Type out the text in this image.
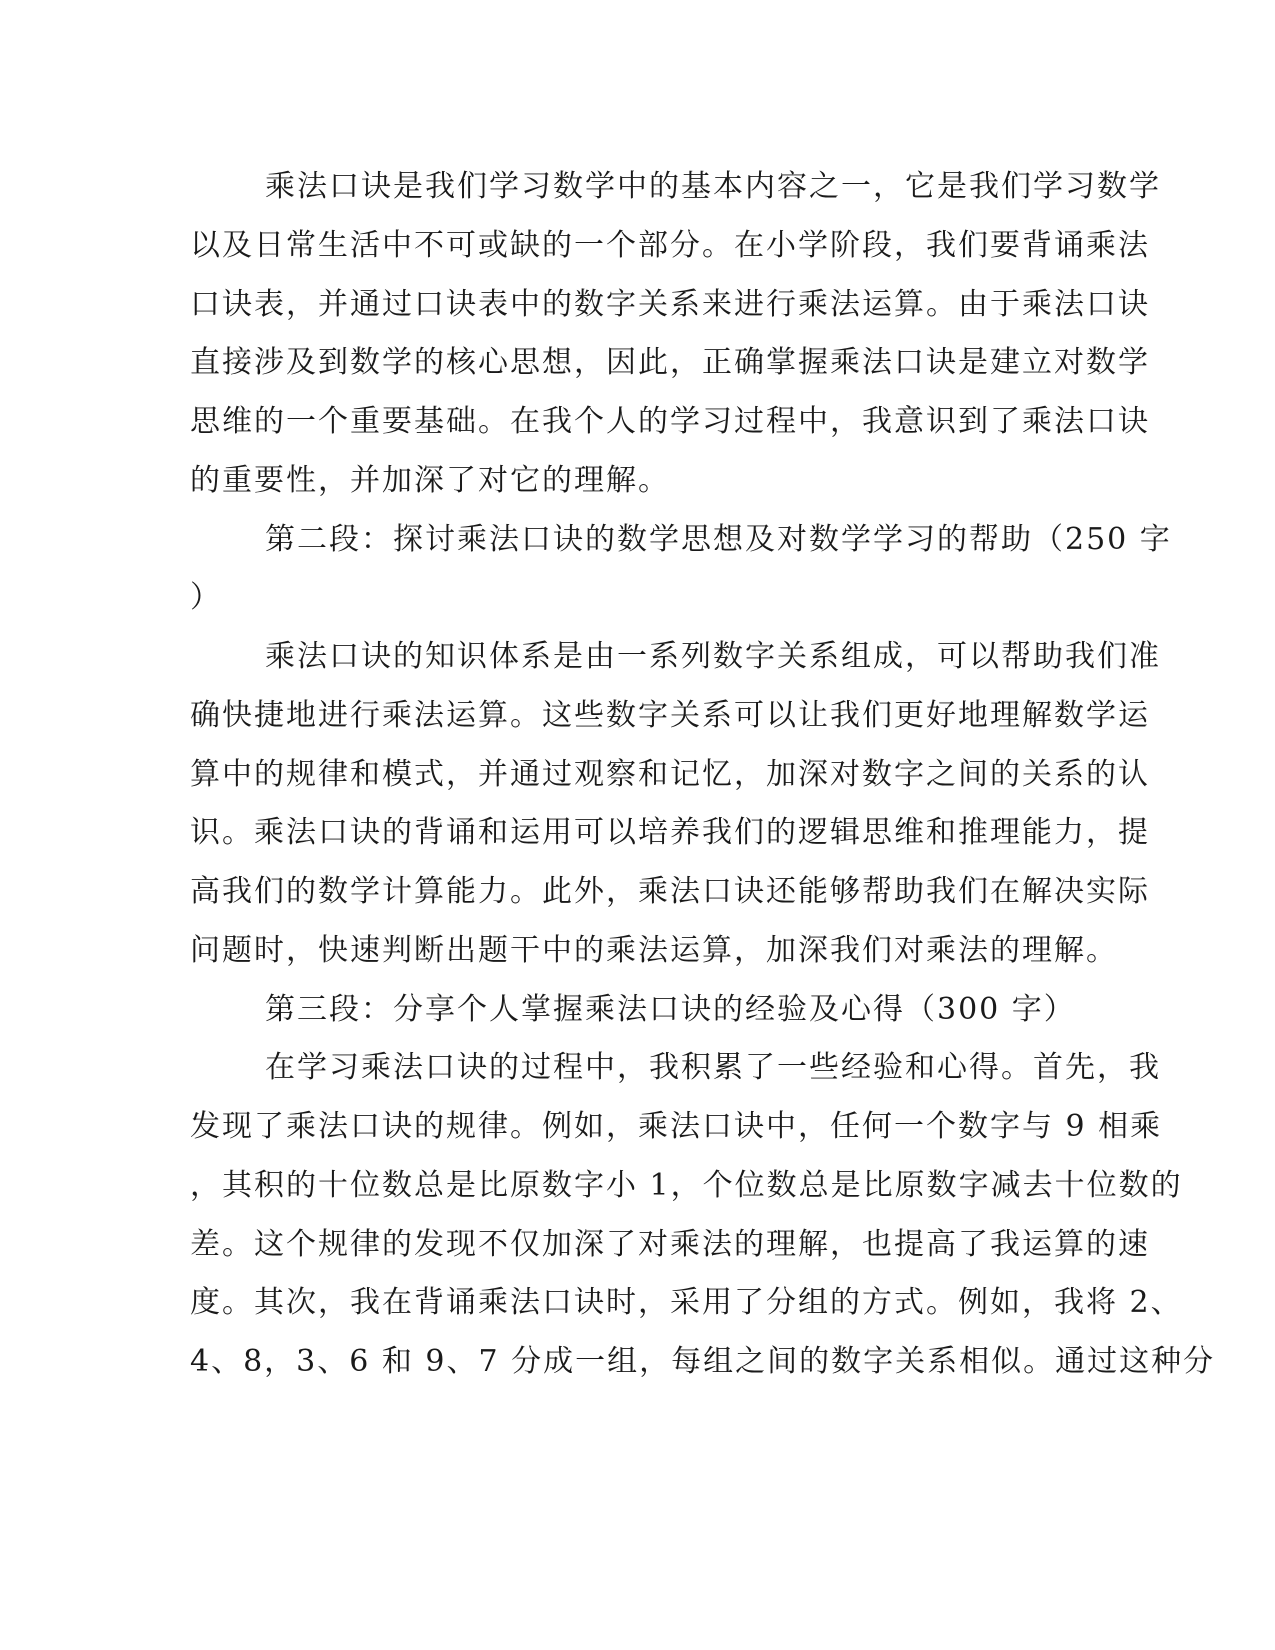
乘法口诀是我们学习数学中的基本内容之一，它是我们学习数学

以及日常生活中不可或缺的一个部分。在小学阶段，我们要背诵乘法

口诀表，并通过口诀表中的数字关系来进行乘法运算。由于乘法口诀

直接涉及到数学的核心思想，因此，正确掌握乘法口诀是建立对数学

思维的一个重要基础。在我个人的学习过程中，我意识到了乘法口诀

的重要性，并加深了对它的理解。

第二段：探讨乘法口诀的数学思想及对数学学习的帮助（250 字

）

乘法口诀的知识体系是由一系列数字关系组成，可以帮助我们准

确快捷地进行乘法运算。这些数字关系可以让我们更好地理解数学运

算中的规律和模式，并通过观察和记忆，加深对数字之间的关系的认

识。乘法口诀的背诵和运用可以培养我们的逻辑思维和推理能力，提

高我们的数学计算能力。此外，乘法口诀还能够帮助我们在解决实际

问题时，快速判断出题干中的乘法运算，加深我们对乘法的理解。

第三段：分享个人掌握乘法口诀的经验及心得（300 字）

在学习乘法口诀的过程中，我积累了一些经验和心得。首先，我

发现了乘法口诀的规律。例如，乘法口诀中，任何一个数字与 9 相乘

，其积的十位数总是比原数字小 1，个位数总是比原数字减去十位数的

差。这个规律的发现不仅加深了对乘法的理解，也提高了我运算的速

度。其次，我在背诵乘法口诀时，采用了分组的方式。例如，我将 2、

4、8，3、6 和 9、7 分成一组，每组之间的数字关系相似。通过这种分
